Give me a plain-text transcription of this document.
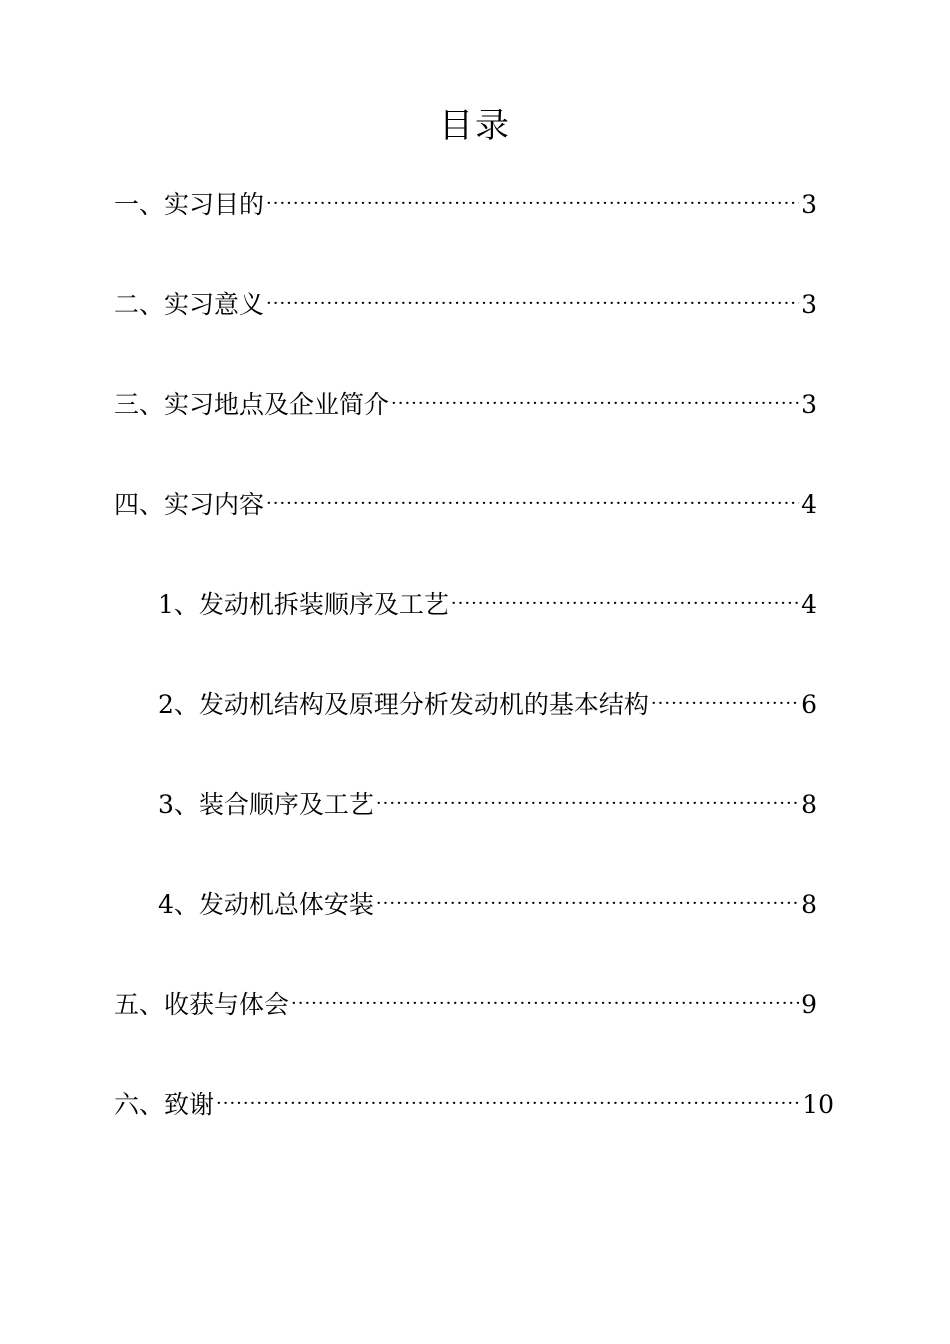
目录
一、实习目的 ·····	3
二、实习意义 ·····	3
三、实习地点及企业简介 ·····	3
四、实习内容 ·····	4
1、发动机拆装顺序及工艺 ·····	4
2、发动机结构及原理分析发动机的基本结构 ·····	6
3、装合顺序及工艺 ·····	8
4、发动机总体安装 ·····	8
五、收获与体会 ·····	9
六、致谢 ·····	10
